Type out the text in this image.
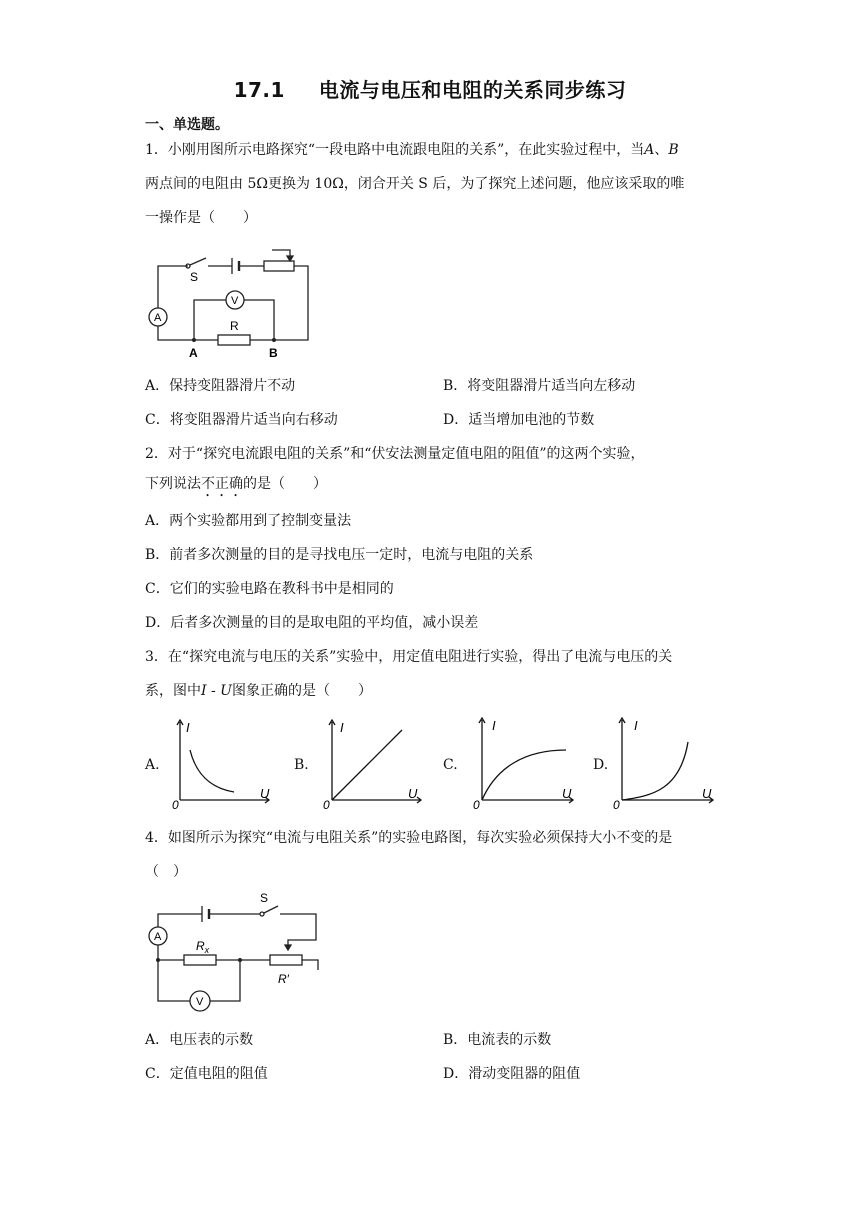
17.1 电流与电压和电阻的关系同步练习
一、单选题。
1．小刚用图所示电路探究“一段电路中电流跟电阻的关系”，在此实验过程中，当A、B
两点间的电阻由 5Ω更换为 10Ω，闭合开关 S 后，为了探究上述问题，他应该采取的唯
一操作是（　　）
A
V
S
R
A	B
A．保持变阻器滑片不动	B．将变阻器滑片适当向左移动
C．将变阻器滑片适当向右移动	D．适当增加电池的节数
2．对于“探究电流跟电阻的关系”和“伏安法测量定值电阻的阻值”的这两个实验，
下列说法不正确的是（　　）
A．两个实验都用到了控制变量法
B．前者多次测量的目的是寻找电压一定时，电流与电阻的关系
C．它们的实验电路在教科书中是相同的
D．后者多次测量的目的是取电阻的平均值，减小误差
3．在“探究电流与电压的关系”实验中，用定值电阻进行实验，得出了电流与电压的关
系，图中I - U图象正确的是（　　）
A.
I
U
0
B.
I
U
0
C.
I
U
0
D.
I
U
0
4．如图所示为探究“电流与电阻关系”的实验电路图，每次实验必须保持大小不变的是
（　）
A
V
S
$R_x$
R′
A．电压表的示数	B．电流表的示数
C．定值电阻的阻值	D．滑动变阻器的阻值
